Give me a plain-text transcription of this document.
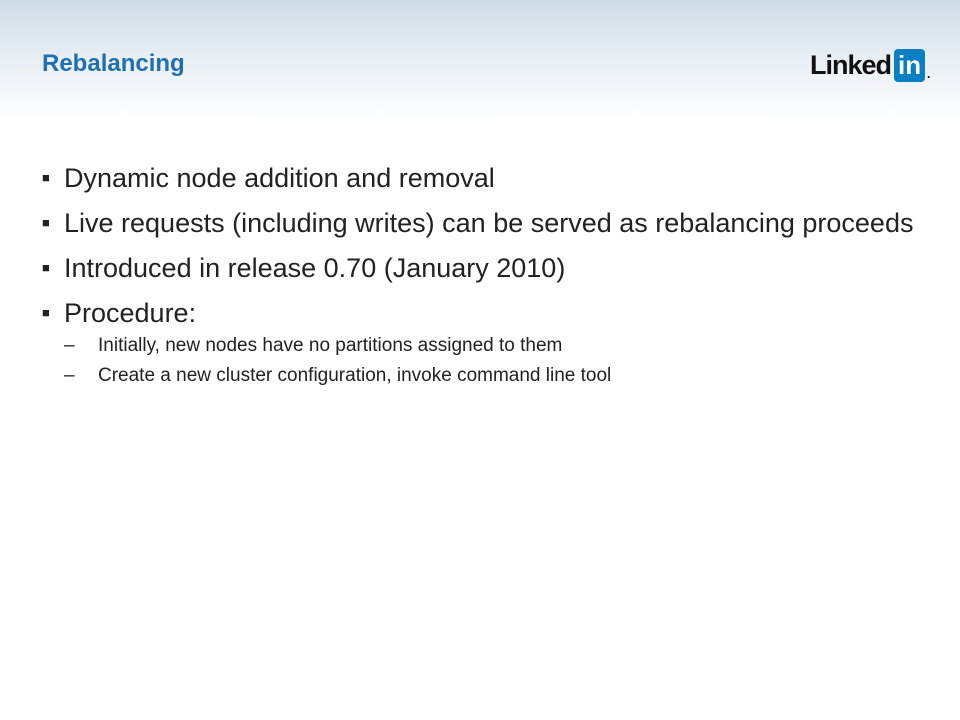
Rebalancing	Linked in .
■ Dynamic node addition and removal
■ Live requests (including writes) can be served as rebalancing proceeds
■ Introduced in release 0.70 (January 2010)
■ Procedure:
–	Initially, new nodes have no partitions assigned to them
–	Create a new cluster configuration, invoke command line tool
